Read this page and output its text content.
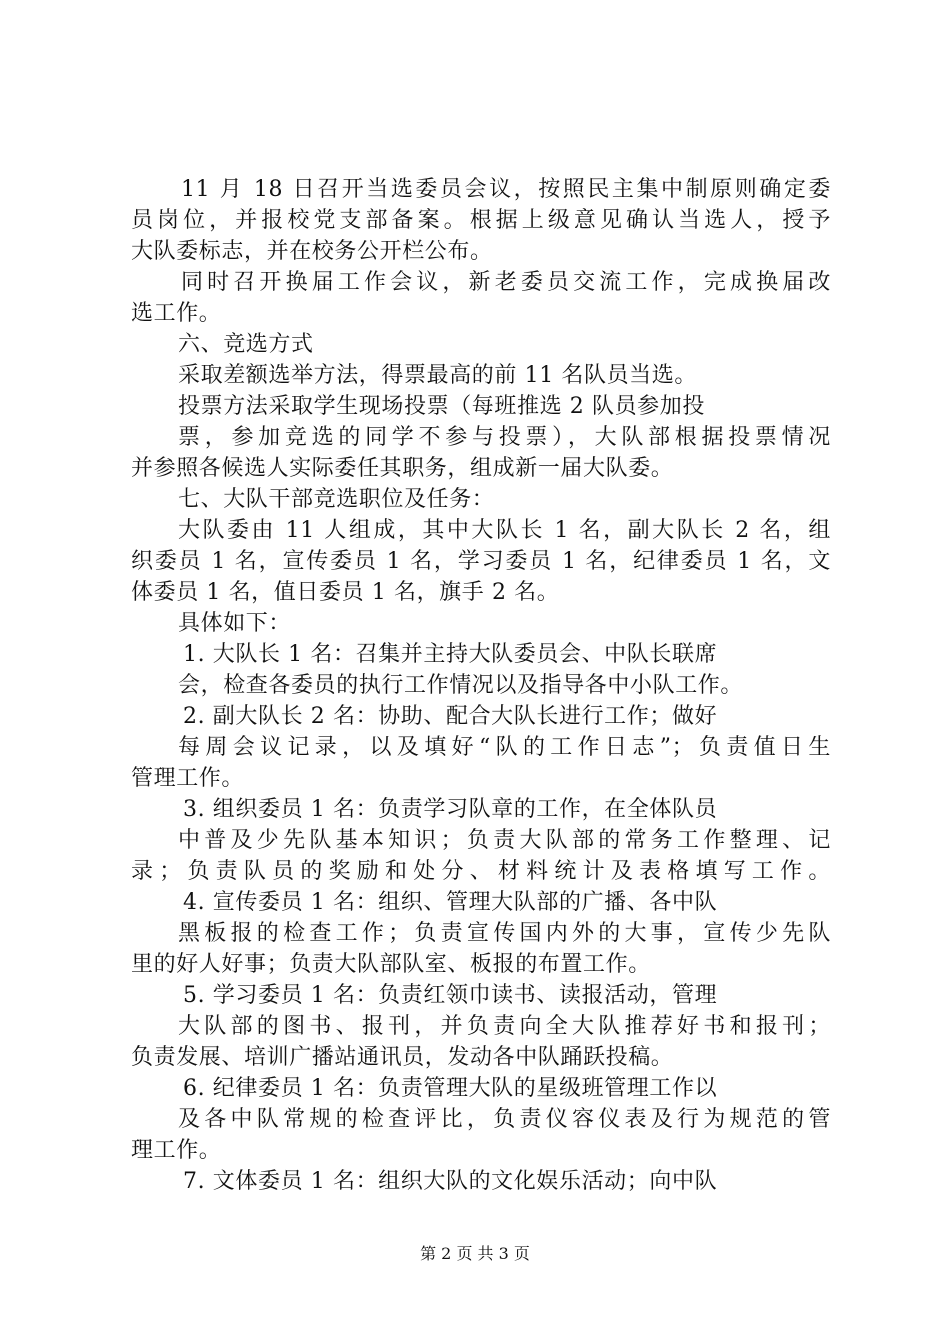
11 月 18 日召开当选委员会议，按照民主集中制原则确定委
员岗位，并报校党支部备案。根据上级意见确认当选人，授予
大队委标志，并在校务公开栏公布。
同时召开换届工作会议，新老委员交流工作，完成换届改
选工作。
六、竞选方式
采取差额选举方法，得票最高的前 11 名队员当选。
投票方法采取学生现场投票（每班推选 2 队员参加投
票，参加竞选的同学不参与投票），大队部根据投票情况
并参照各候选人实际委任其职务，组成新一届大队委。
七、大队干部竞选职位及任务：
大队委由 11 人组成，其中大队长 1 名，副大队长 2 名，组
织委员 1 名，宣传委员 1 名，学习委员 1 名，纪律委员 1 名，文
体委员 1 名，值日委员 1 名，旗手 2 名。
具体如下：
1. 大队长 1 名：召集并主持大队委员会、中队长联席
会，检查各委员的执行工作情况以及指导各中小队工作。
2. 副大队长 2 名：协助、配合大队长进行工作；做好
每周会议记录，以及填好“队的工作日志”；负责值日生
管理工作。
3. 组织委员 1 名：负责学习队章的工作，在全体队员
中普及少先队基本知识；负责大队部的常务工作整理、记
录；负责队员的奖励和处分、材料统计及表格填写工作。
4. 宣传委员 1 名：组织、管理大队部的广播、各中队
黑板报的检查工作；负责宣传国内外的大事，宣传少先队
里的好人好事；负责大队部队室、板报的布置工作。
5. 学习委员 1 名：负责红领巾读书、读报活动，管理
大队部的图书、报刊，并负责向全大队推荐好书和报刊；
负责发展、培训广播站通讯员，发动各中队踊跃投稿。
6. 纪律委员 1 名：负责管理大队的星级班管理工作以
及各中队常规的检查评比，负责仪容仪表及行为规范的管
理工作。
7. 文体委员 1 名：组织大队的文化娱乐活动；向中队
第 2 页 共 3 页
